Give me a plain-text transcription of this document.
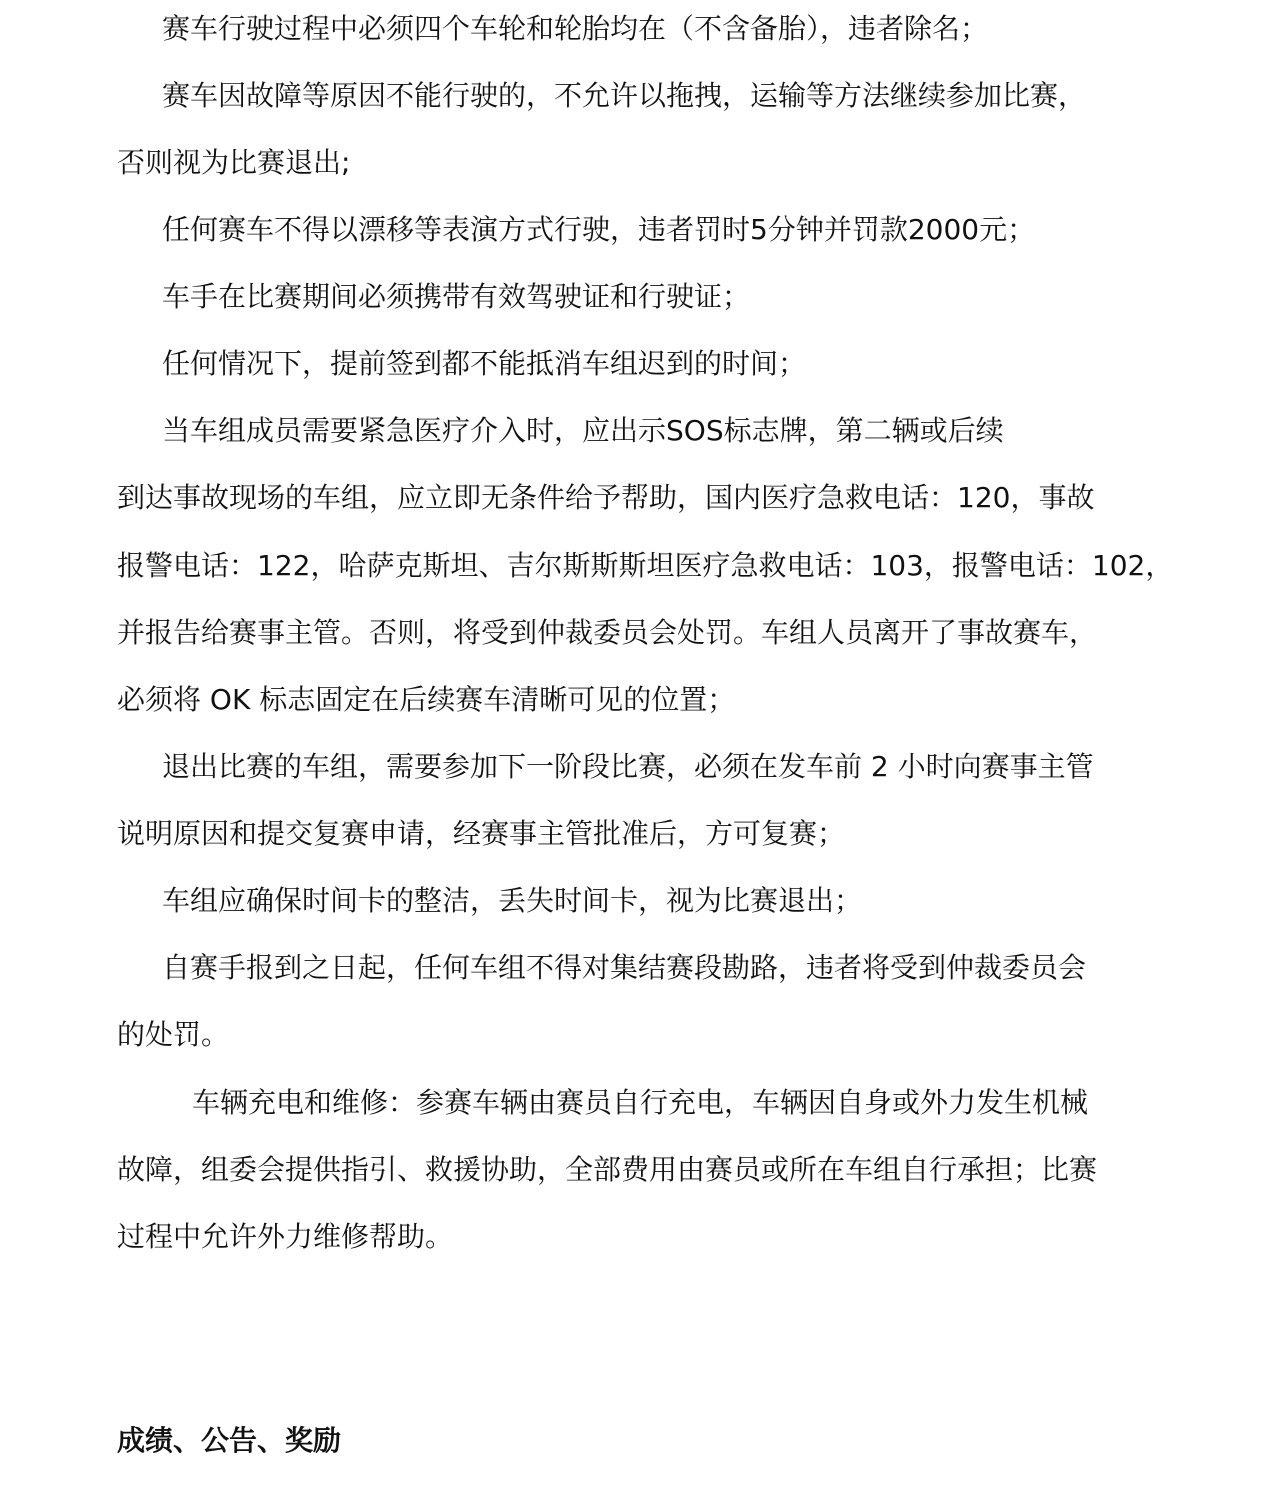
赛车行驶过程中必须四个车轮和轮胎均在（不含备胎），违者除名；
赛车因故障等原因不能行驶的，不允许以拖拽，运输等方法继续参加比赛，
否则视为比赛退出;
任何赛车不得以漂移等表演方式行驶，违者罚时5分钟并罚款2000元；
车手在比赛期间必须携带有效驾驶证和行驶证；
任何情况下，提前签到都不能抵消车组迟到的时间；
当车组成员需要紧急医疗介入时，应出示SOS标志牌，第二辆或后续
到达事故现场的车组，应立即无条件给予帮助，国内医疗急救电话：120，事故
报警电话：122，哈萨克斯坦、吉尔斯斯斯坦医疗急救电话：103，报警电话：102，
并报告给赛事主管。否则，将受到仲裁委员会处罚。车组人员离开了事故赛车，
必须将 OK 标志固定在后续赛车清晰可见的位置；
退出比赛的车组，需要参加下一阶段比赛，必须在发车前 2 小时向赛事主管
说明原因和提交复赛申请，经赛事主管批准后，方可复赛；
车组应确保时间卡的整洁，丢失时间卡，视为比赛退出；
自赛手报到之日起，任何车组不得对集结赛段勘路，违者将受到仲裁委员会
的处罚。
车辆充电和维修：参赛车辆由赛员自行充电，车辆因自身或外力发生机械
故障，组委会提供指引、救援协助，全部费用由赛员或所在车组自行承担；比赛
过程中允许外力维修帮助。
成绩、公告、奖励
